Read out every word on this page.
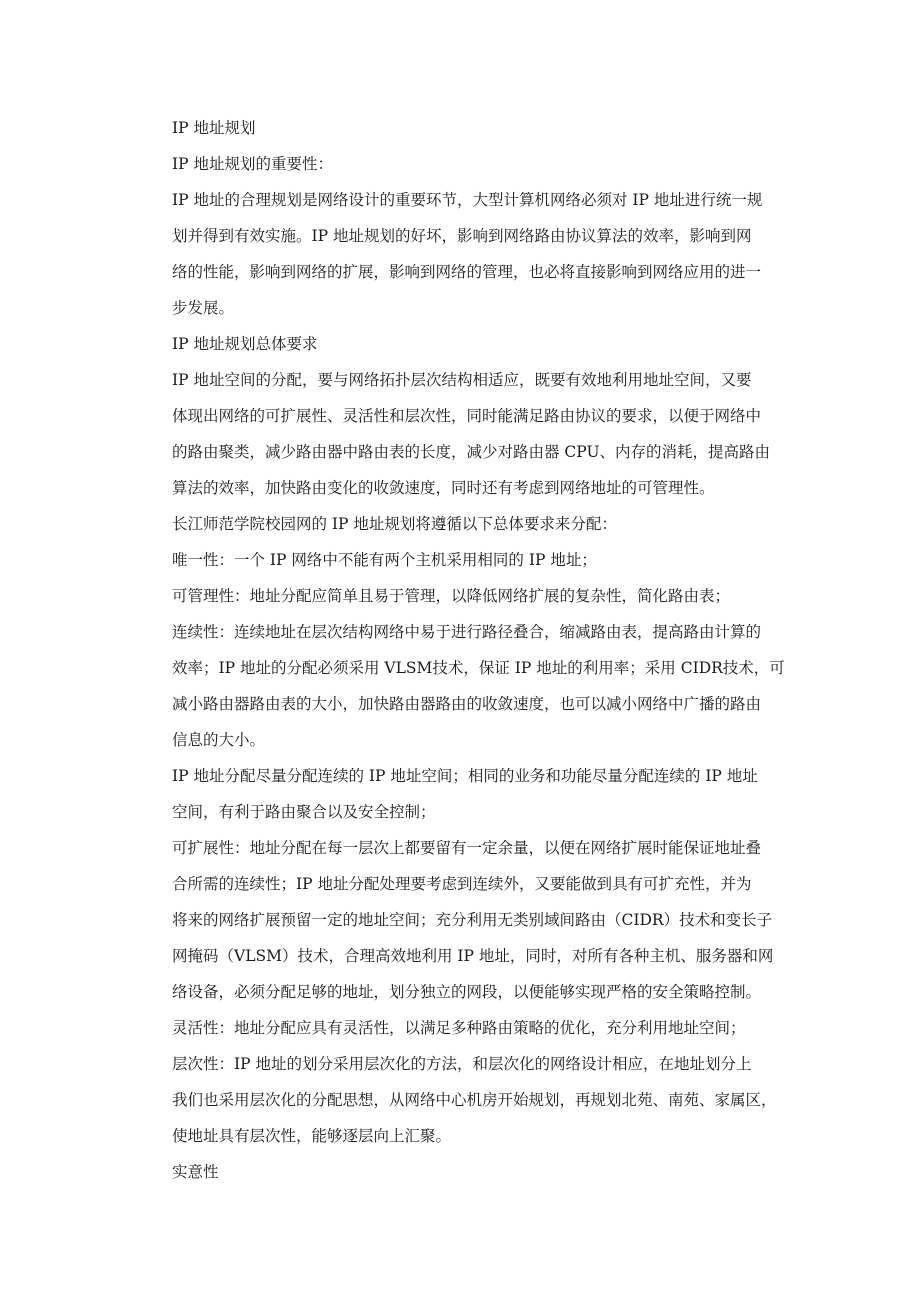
IP 地址规划
IP 地址规划的重要性：
IP 地址的合理规划是网络设计的重要环节，大型计算机网络必须对 IP 地址进行统一规
划并得到有效实施。IP 地址规划的好坏，影响到网络路由协议算法的效率，影响到网
络的性能，影响到网络的扩展，影响到网络的管理，也必将直接影响到网络应用的进一
步发展。
IP 地址规划总体要求
IP 地址空间的分配，要与网络拓扑层次结构相适应，既要有效地利用地址空间，又要
体现出网络的可扩展性、灵活性和层次性，同时能满足路由协议的要求，以便于网络中
的路由聚类，减少路由器中路由表的长度，减少对路由器 CPU、内存的消耗，提高路由
算法的效率，加快路由变化的收敛速度，同时还有考虑到网络地址的可管理性。
长江师范学院校园网的 IP 地址规划将遵循以下总体要求来分配：
唯一性：一个 IP 网络中不能有两个主机采用相同的 IP 地址；
可管理性：地址分配应简单且易于管理，以降低网络扩展的复杂性，简化路由表；
连续性：连续地址在层次结构网络中易于进行路径叠合，缩减路由表，提高路由计算的
效率；IP 地址的分配必须采用 VLSM技术，保证 IP 地址的利用率；采用 CIDR技术，可
减小路由器路由表的大小，加快路由器路由的收敛速度，也可以减小网络中广播的路由
信息的大小。
IP 地址分配尽量分配连续的 IP 地址空间；相同的业务和功能尽量分配连续的 IP 地址
空间，有利于路由聚合以及安全控制；
可扩展性：地址分配在每一层次上都要留有一定余量，以便在网络扩展时能保证地址叠
合所需的连续性；IP 地址分配处理要考虑到连续外，又要能做到具有可扩充性，并为
将来的网络扩展预留一定的地址空间；充分利用无类别域间路由（CIDR）技术和变长子
网掩码（VLSM）技术，合理高效地利用 IP 地址，同时，对所有各种主机、服务器和网
络设备，必须分配足够的地址，划分独立的网段，以便能够实现严格的安全策略控制。
灵活性：地址分配应具有灵活性，以满足多种路由策略的优化，充分利用地址空间；
层次性：IP 地址的划分采用层次化的方法，和层次化的网络设计相应，在地址划分上
我们也采用层次化的分配思想，从网络中心机房开始规划，再规划北苑、南苑、家属区，
使地址具有层次性，能够逐层向上汇聚。
实意性
